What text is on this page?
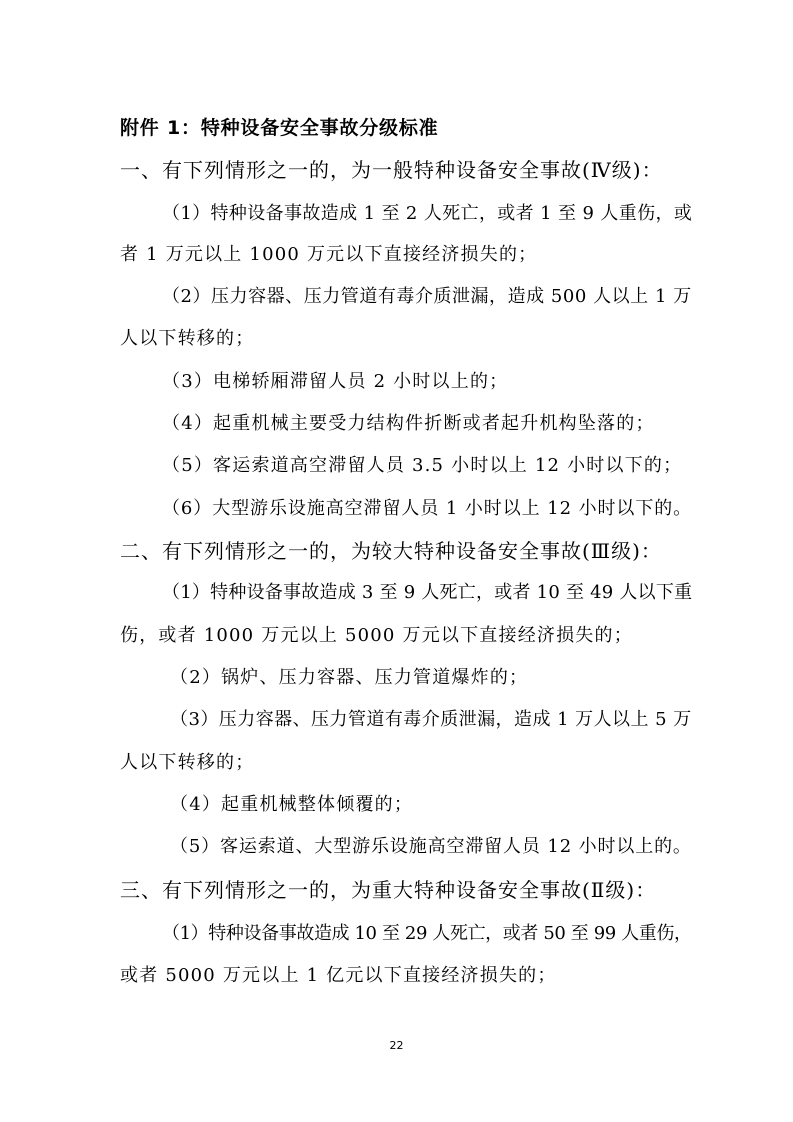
附件 1：特种设备安全事故分级标准
一、有下列情形之一的，为一般特种设备安全事故(Ⅳ级)：
（1）特种设备事故造成 1 至 2 人死亡，或者 1 至 9 人重伤，或
者 1 万元以上 1000 万元以下直接经济损失的；
（2）压力容器、压力管道有毒介质泄漏，造成 500 人以上 1 万
人以下转移的；
（3）电梯轿厢滞留人员 2 小时以上的；
（4）起重机械主要受力结构件折断或者起升机构坠落的；
（5）客运索道高空滞留人员 3.5 小时以上 12 小时以下的；
（6）大型游乐设施高空滞留人员 1 小时以上 12 小时以下的。
二、有下列情形之一的，为较大特种设备安全事故(Ⅲ级)：
（1）特种设备事故造成 3 至 9 人死亡，或者 10 至 49 人以下重
伤，或者 1000 万元以上 5000 万元以下直接经济损失的；
（2）锅炉、压力容器、压力管道爆炸的；
（3）压力容器、压力管道有毒介质泄漏，造成 1 万人以上 5 万
人以下转移的；
（4）起重机械整体倾覆的；
（5）客运索道、大型游乐设施高空滞留人员 12 小时以上的。
三、有下列情形之一的，为重大特种设备安全事故(Ⅱ级)：
（1）特种设备事故造成 10 至 29 人死亡，或者 50 至 99 人重伤，
或者 5000 万元以上 1 亿元以下直接经济损失的；
22
